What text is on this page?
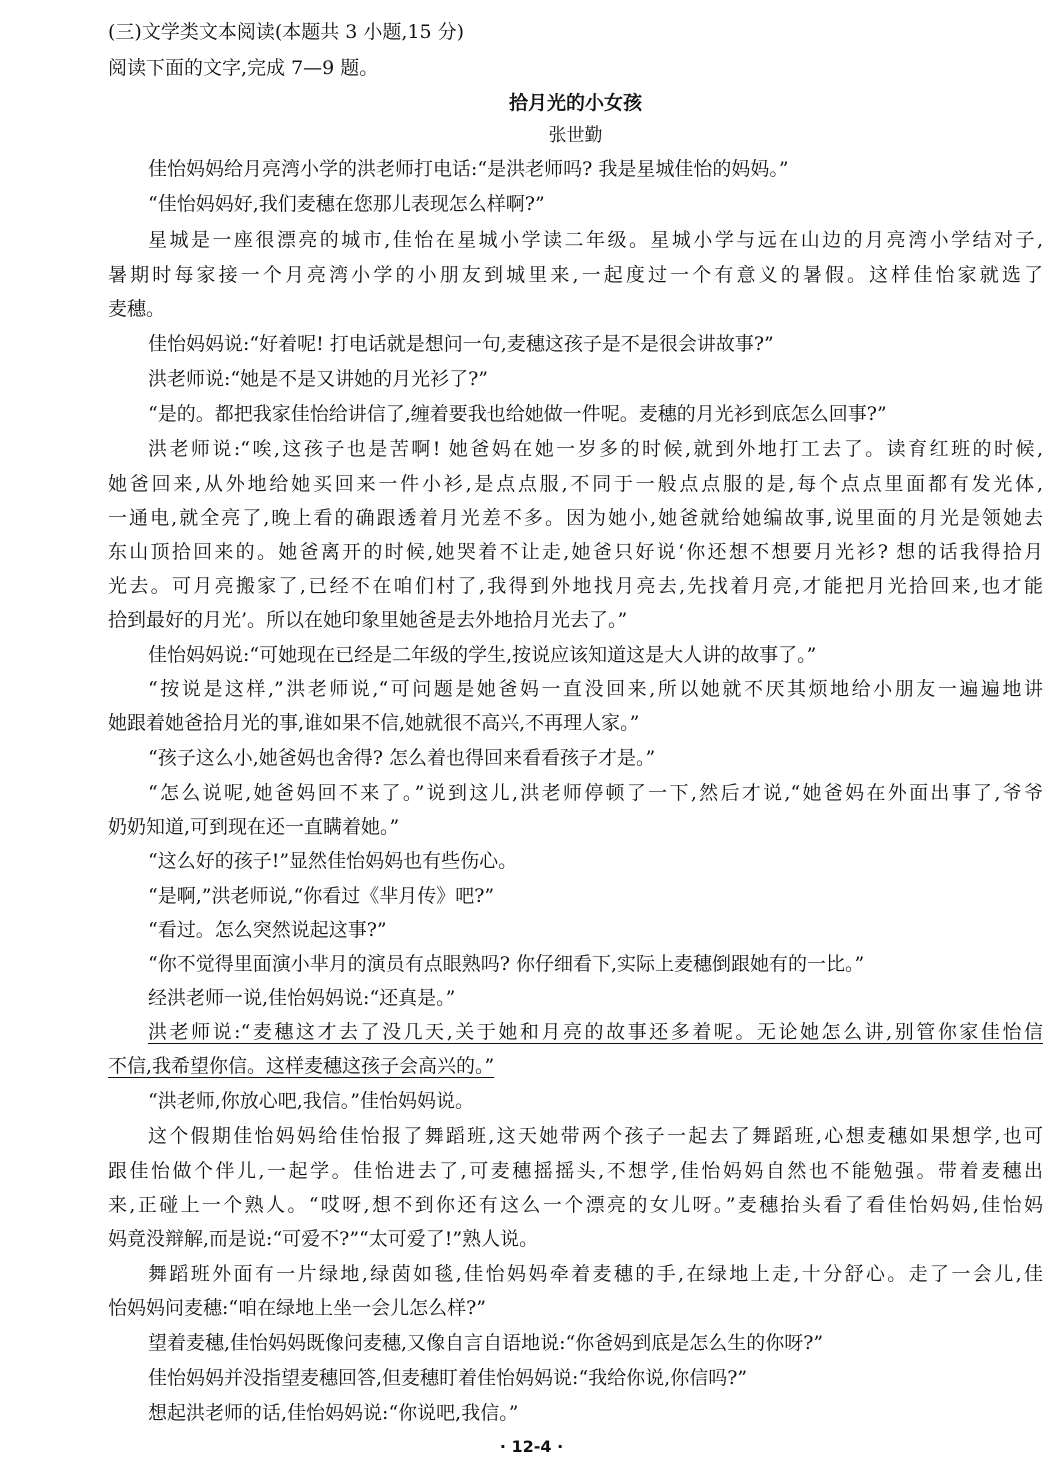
(三)文学类文本阅读(本题共 3 小题,15 分)
阅读下面的文字,完成 7—9 题。
拾月光的小女孩
张世勤
佳怡妈妈给月亮湾小学的洪老师打电话:“是洪老师吗? 我是星城佳怡的妈妈。”
“佳怡妈妈好,我们麦穗在您那儿表现怎么样啊?”
星城是一座很漂亮的城市,佳怡在星城小学读二年级。星城小学与远在山边的月亮湾小学结对子,
暑期时每家接一个月亮湾小学的小朋友到城里来,一起度过一个有意义的暑假。这样佳怡家就选了
麦穗。
佳怡妈妈说:“好着呢! 打电话就是想问一句,麦穗这孩子是不是很会讲故事?”
洪老师说:“她是不是又讲她的月光衫了?”
“是的。都把我家佳怡给讲信了,缠着要我也给她做一件呢。麦穗的月光衫到底怎么回事?”
洪老师说:“唉,这孩子也是苦啊! 她爸妈在她一岁多的时候,就到外地打工去了。读育红班的时候,
她爸回来,从外地给她买回来一件小衫,是点点服,不同于一般点点服的是,每个点点里面都有发光体,
一通电,就全亮了,晚上看的确跟透着月光差不多。因为她小,她爸就给她编故事,说里面的月光是领她去
东山顶拾回来的。她爸离开的时候,她哭着不让走,她爸只好说‘你还想不想要月光衫? 想的话我得拾月
光去。可月亮搬家了,已经不在咱们村了,我得到外地找月亮去,先找着月亮,才能把月光拾回来,也才能
拾到最好的月光’。所以在她印象里她爸是去外地拾月光去了。”
佳怡妈妈说:“可她现在已经是二年级的学生,按说应该知道这是大人讲的故事了。”
“按说是这样,”洪老师说,“可问题是她爸妈一直没回来,所以她就不厌其烦地给小朋友一遍遍地讲
她跟着她爸拾月光的事,谁如果不信,她就很不高兴,不再理人家。”
“孩子这么小,她爸妈也舍得? 怎么着也得回来看看孩子才是。”
“怎么说呢,她爸妈回不来了。”说到这儿,洪老师停顿了一下,然后才说,“她爸妈在外面出事了,爷爷
奶奶知道,可到现在还一直瞒着她。”
“这么好的孩子!”显然佳怡妈妈也有些伤心。
“是啊,”洪老师说,“你看过《芈月传》吧?”
“看过。怎么突然说起这事?”
“你不觉得里面演小芈月的演员有点眼熟吗? 你仔细看下,实际上麦穗倒跟她有的一比。”
经洪老师一说,佳怡妈妈说:“还真是。”
洪老师说:“麦穗这才去了没几天,关于她和月亮的故事还多着呢。无论她怎么讲,别管你家佳怡信
不信,我希望你信。这样麦穗这孩子会高兴的。”
“洪老师,你放心吧,我信。”佳怡妈妈说。
这个假期佳怡妈妈给佳怡报了舞蹈班,这天她带两个孩子一起去了舞蹈班,心想麦穗如果想学,也可
跟佳怡做个伴儿,一起学。佳怡进去了,可麦穗摇摇头,不想学,佳怡妈妈自然也不能勉强。带着麦穗出
来,正碰上一个熟人。“哎呀,想不到你还有这么一个漂亮的女儿呀。”麦穗抬头看了看佳怡妈妈,佳怡妈
妈竟没辩解,而是说:“可爱不?”“太可爱了!”熟人说。
舞蹈班外面有一片绿地,绿茵如毯,佳怡妈妈牵着麦穗的手,在绿地上走,十分舒心。走了一会儿,佳
怡妈妈问麦穗:“咱在绿地上坐一会儿怎么样?”
望着麦穗,佳怡妈妈既像问麦穗,又像自言自语地说:“你爸妈到底是怎么生的你呀?”
佳怡妈妈并没指望麦穗回答,但麦穗盯着佳怡妈妈说:“我给你说,你信吗?”
想起洪老师的话,佳怡妈妈说:“你说吧,我信。”
· 12-4 ·
